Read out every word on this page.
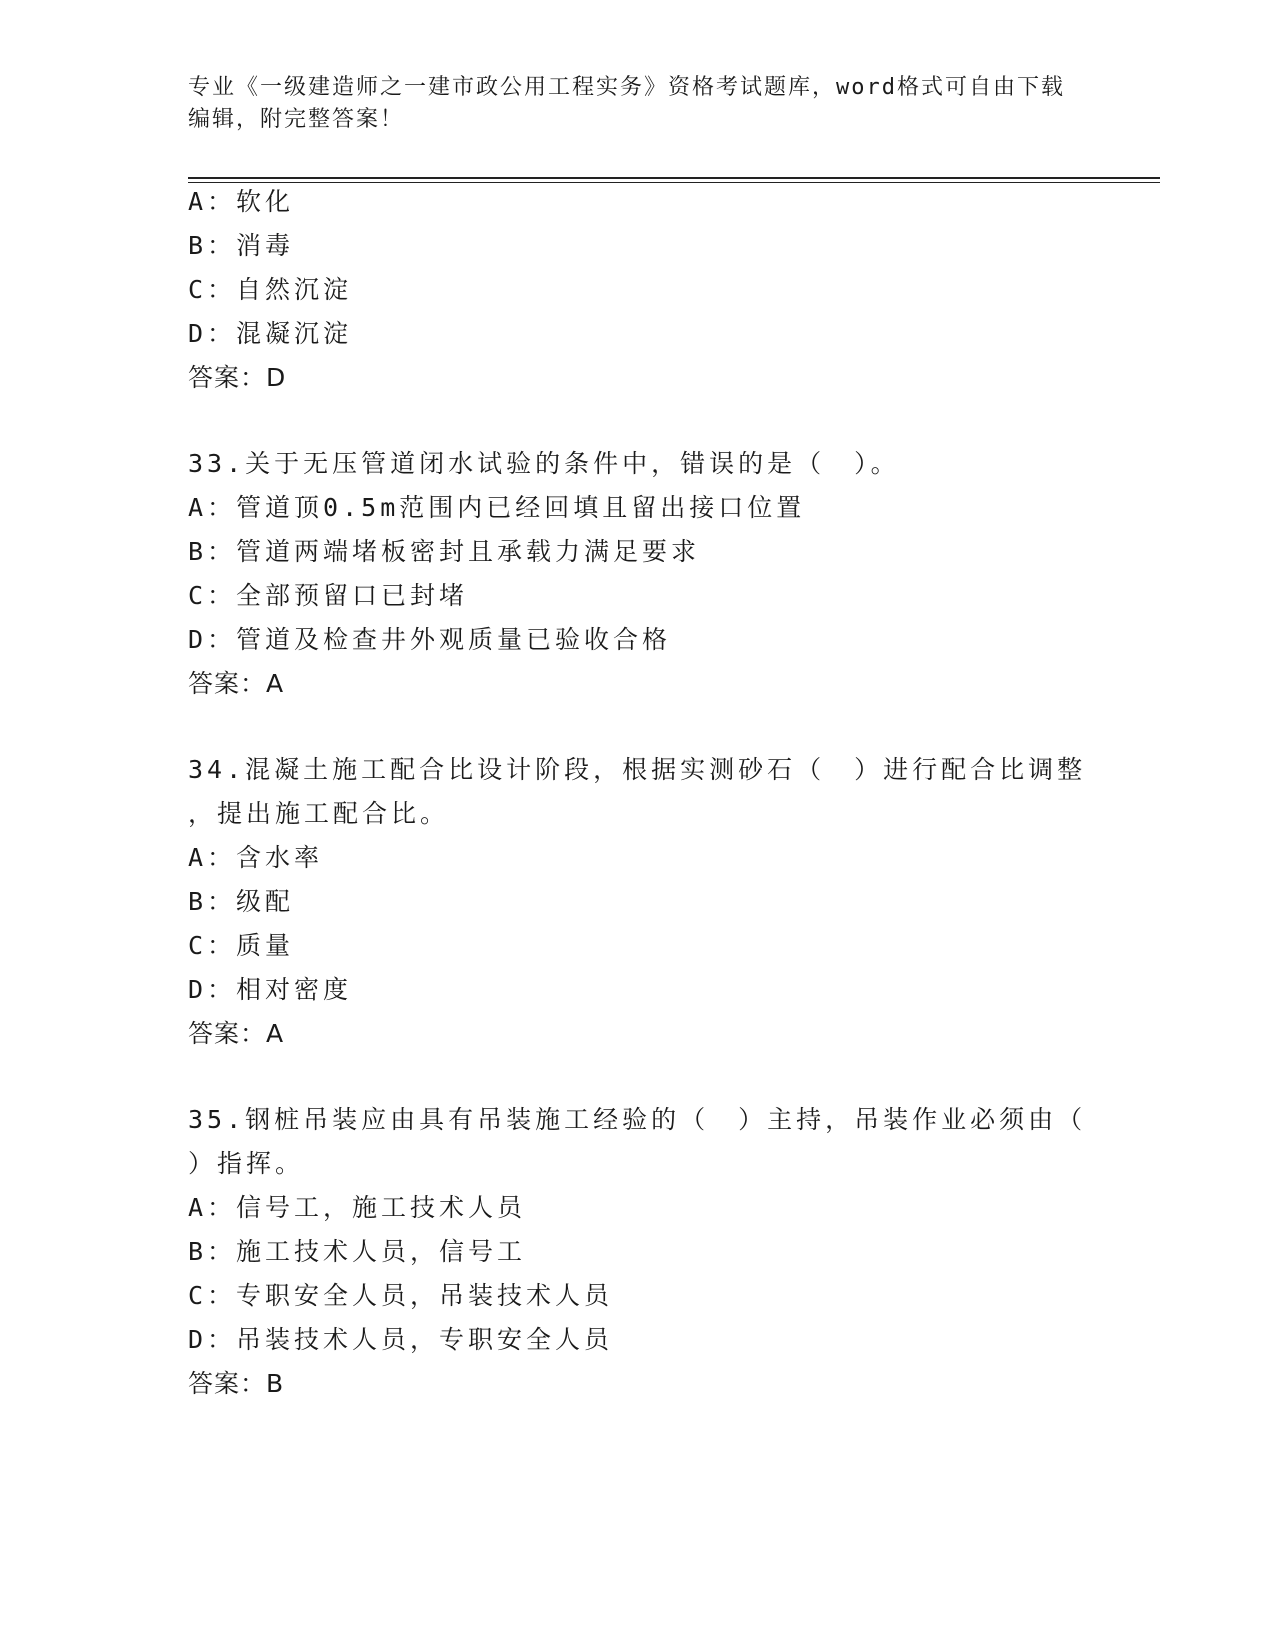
专业《一级建造师之一建市政公用工程实务》资格考试题库，word格式可自由下载编辑，附完整答案！
A：软化
B：消毒
C：自然沉淀
D：混凝沉淀
答案：D
33.关于无压管道闭水试验的条件中，错误的是（　）。
A：管道顶0.5m范围内已经回填且留出接口位置
B：管道两端堵板密封且承载力满足要求
C：全部预留口已封堵
D：管道及检查井外观质量已验收合格
答案：A
34.混凝土施工配合比设计阶段，根据实测砂石（　）进行配合比调整
，提出施工配合比。
A：含水率
B：级配
C：质量
D：相对密度
答案：A
35.钢桩吊装应由具有吊装施工经验的（　）主持，吊装作业必须由（
）指挥。
A：信号工，施工技术人员
B：施工技术人员，信号工
C：专职安全人员，吊装技术人员
D：吊装技术人员，专职安全人员
答案：B
